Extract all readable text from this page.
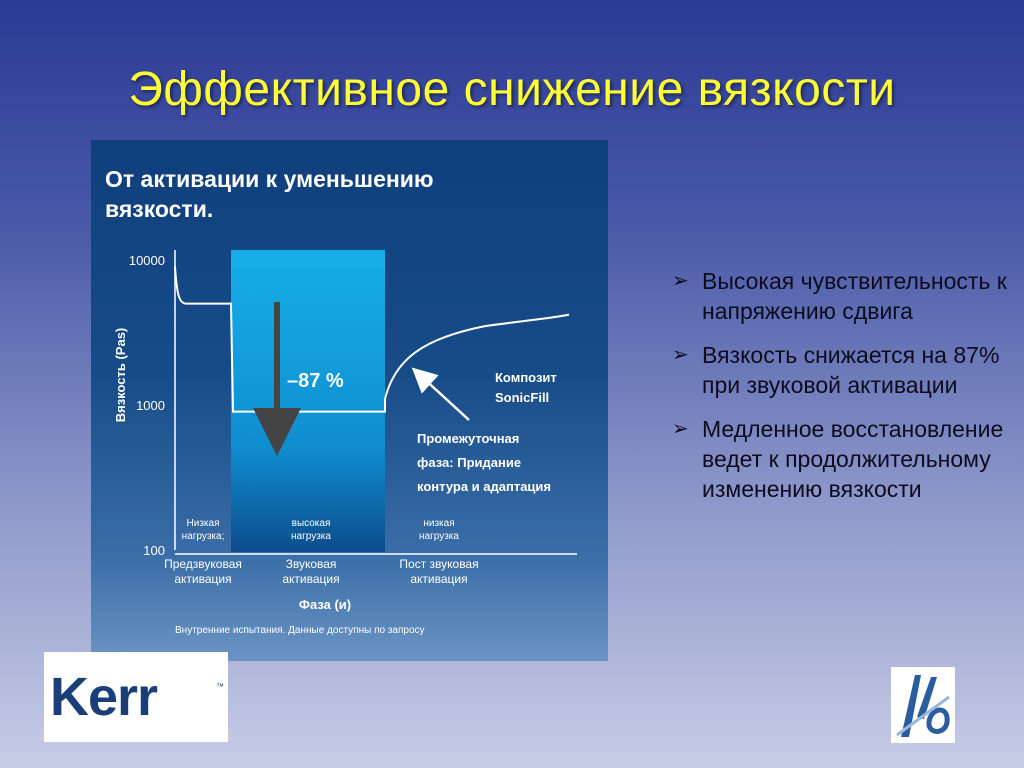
Эффективное снижение вязкости
От активации к уменьшению
вязкости.
10000
1000
100
Вязкость (Pas)	–87 %	Композит
SonicFill
Промежуточная
фаза: Придание
контура и адаптация
Низкая
нагрузка;
Предзвуковая
активация
высокая
нагрузка
Звуковая
активация
низкая
нагрузка
Пост звуковая
активация
Фаза (и)
Внутренние испытания. Данные доступны по запросу
➢ Высокая чувствительность к напряжению сдвига
➢ Вязкость снижается на 87% при звуковой активации
➢ Медленное восстановление ведет к продолжительному изменению вязкости
Kerr	™
